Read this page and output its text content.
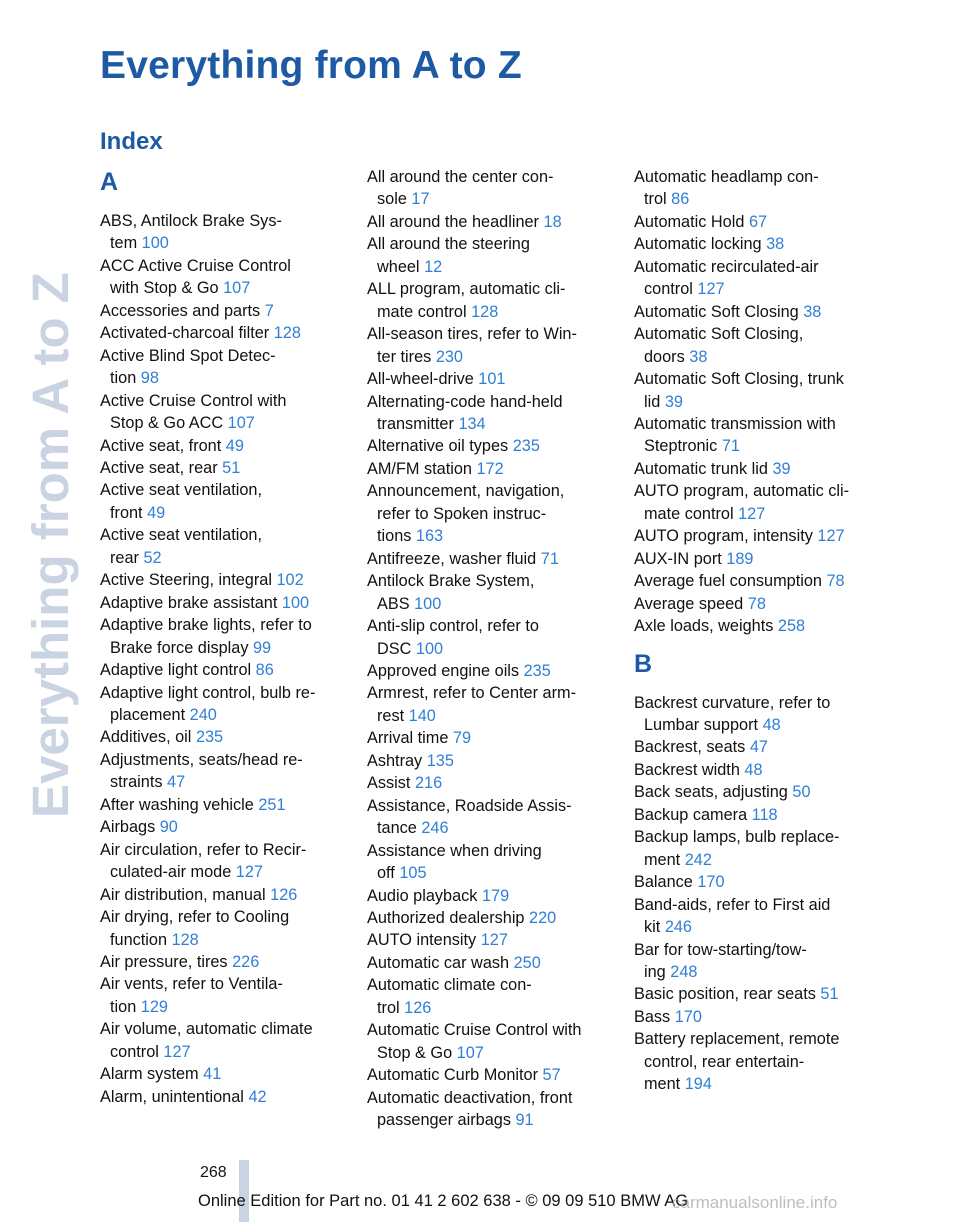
Everything from A to Z
Everything from A to Z
Index
A

ABS, Antilock Brake Sys-
tem 100

ACC Active Cruise Control
with Stop & Go 107

Accessories and parts 7

Activated-charcoal filter 128

Active Blind Spot Detec-
tion 98

Active Cruise Control with
Stop & Go ACC 107

Active seat, front 49

Active seat, rear 51

Active seat ventilation,
front 49

Active seat ventilation,
rear 52

Active Steering, integral 102

Adaptive brake assistant 100

Adaptive brake lights, refer to
Brake force display 99

Adaptive light control 86

Adaptive light control, bulb re-
placement 240

Additives, oil 235

Adjustments, seats/head re-
straints 47

After washing vehicle 251

Airbags 90

Air circulation, refer to Recir-
culated-air mode 127

Air distribution, manual 126

Air drying, refer to Cooling
function 128

Air pressure, tires 226

Air vents, refer to Ventila-
tion 129

Air volume, automatic climate
control 127

Alarm system 41

Alarm, unintentional 42

All around the center con-
sole 17

All around the headliner 18

All around the steering
wheel 12

ALL program, automatic cli-
mate control 128

All-season tires, refer to Win-
ter tires 230

All-wheel-drive 101

Alternating-code hand-held
transmitter 134

Alternative oil types 235

AM/FM station 172

Announcement, navigation,
refer to Spoken instruc-
tions 163

Antifreeze, washer fluid 71

Antilock Brake System,
ABS 100

Anti-slip control, refer to
DSC 100

Approved engine oils 235

Armrest, refer to Center arm-
rest 140

Arrival time 79

Ashtray 135

Assist 216

Assistance, Roadside Assis-
tance 246

Assistance when driving
off 105

Audio playback 179

Authorized dealership 220

AUTO intensity 127

Automatic car wash 250

Automatic climate con-
trol 126

Automatic Cruise Control with
Stop & Go 107

Automatic Curb Monitor 57

Automatic deactivation, front
passenger airbags 91

Automatic headlamp con-
trol 86

Automatic Hold 67

Automatic locking 38

Automatic recirculated-air
control 127

Automatic Soft Closing 38

Automatic Soft Closing,
doors 38

Automatic Soft Closing, trunk
lid 39

Automatic transmission with
Steptronic 71

Automatic trunk lid 39

AUTO program, automatic cli-
mate control 127

AUTO program, intensity 127

AUX-IN port 189

Average fuel consumption 78

Average speed 78

Axle loads, weights 258

B

Backrest curvature, refer to
Lumbar support 48

Backrest, seats 47

Backrest width 48

Back seats, adjusting 50

Backup camera 118

Backup lamps, bulb replace-
ment 242

Balance 170

Band-aids, refer to First aid
kit 246

Bar for tow-starting/tow-
ing 248

Basic position, rear seats 51

Bass 170

Battery replacement, remote
control, rear entertain-
ment 194

268
Online Edition for Part no. 01 41 2 602 638 - © 09 09 510 BMW AG
carmanualsonline.info
